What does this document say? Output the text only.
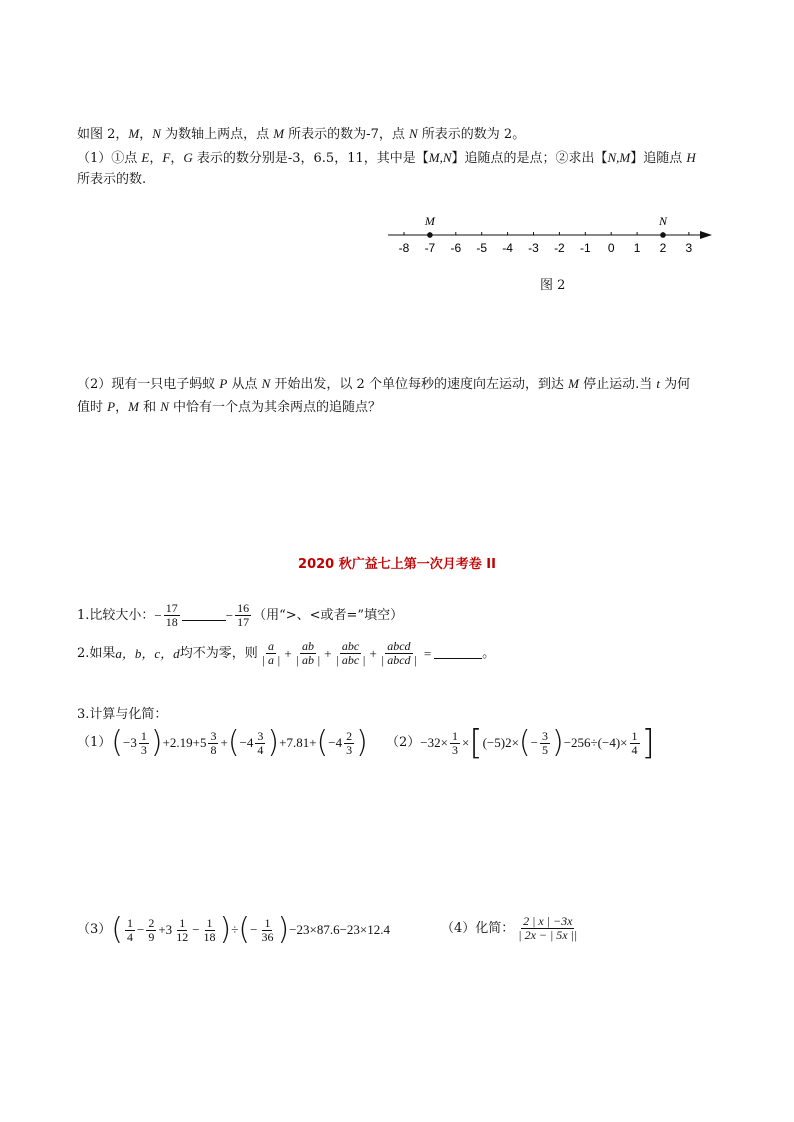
如图 2，M，N 为数轴上两点，点 M 所表示的数为-7，点 N 所表示的数为 2。
（1）①点 E，F，G 表示的数分别是-3，6.5，11，其中是【M,N】追随点的是点；②求出【N,M】追随点 H
所表示的数.
-8 -7 -6 -5 -4 -3 -2 -1 0 1 2 3
M	N
图 2
（2）现有一只电子蚂蚁 P 从点 N 开始出发，以 2 个单位每秒的速度向左运动，到达 M 停止运动.当 t 为何
值时 P，M 和 N 中恰有一个点为其余两点的追随点？
2020 秋广益七上第一次月考卷 II
1.比较大小： − $\frac{17}{18}$	− $\frac{16}{17}$ （用“>、<或者=”填空）
2.如果 a，b，c，d 均不为零，则 $\frac{a}{| a |} + \frac{ab}{| ab |} + \frac{\text{abc}}{\text{| abc |}} + \frac{\text{abcd}}{\text{| abcd |}}$ =	。
3.计算与化简：
（1） ( $-3 \frac{1}{3}$ ) $+2.19+5 \frac{3}{8}$ + ( $-4 \frac{3}{4}$ ) +7.81+ ( $-4 \frac{2}{3}$ ) （2） −3 $2 \times \frac{1}{3}$ × [ (−5) 2 × ( − $\frac{3}{5}$ ) $-256\div(-4)\times \frac{1}{4}$ ]
（3） ( $\frac{1}{4} - \frac{2}{9} +3 \frac{1}{12} - \frac{1}{18}$ ) ÷ ( − $\frac{1}{36}$ ) −23×87.6−23×12.4	（4）化简： $\frac{2 | x | -3x}{| 2x - | 5x ||}$
